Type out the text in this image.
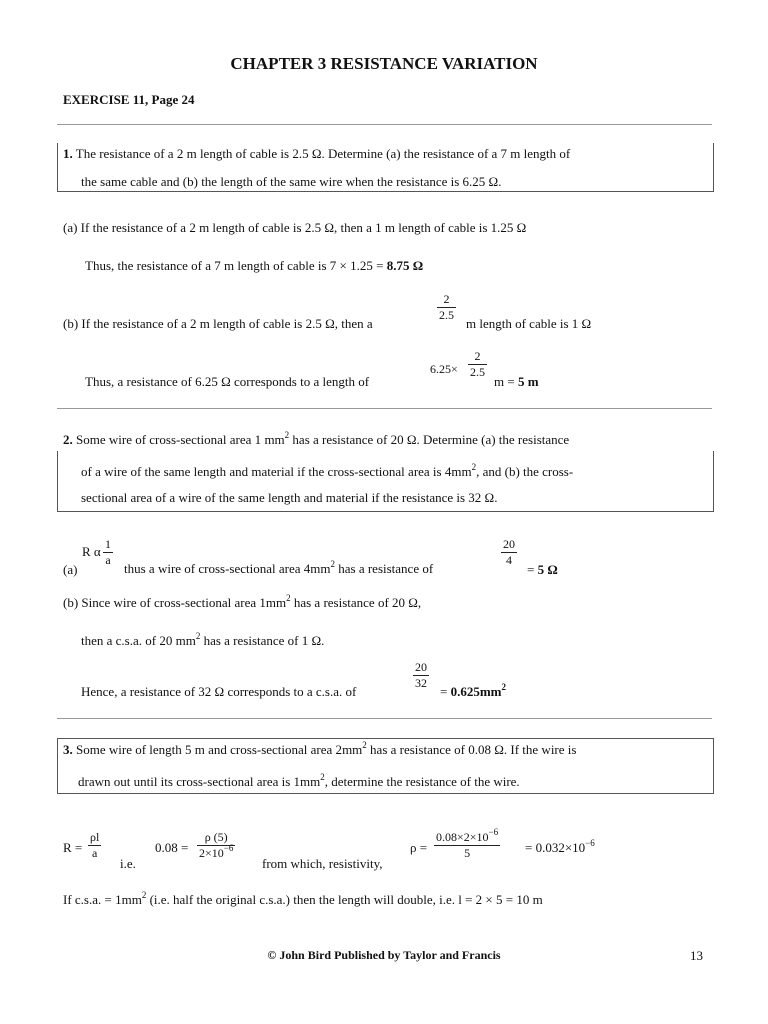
CHAPTER 3 RESISTANCE VARIATION
EXERCISE 11, Page 24
1. The resistance of a 2 m length of cable is 2.5 Ω. Determine (a) the resistance of a 7 m length of
the same cable and (b) the length of the same wire when the resistance is 6.25 Ω.
(a) If the resistance of a 2 m length of cable is 2.5 Ω, then a 1 m length of cable is 1.25 Ω
Thus, the resistance of a 7 m length of cable is 7 × 1.25 = 8.75 Ω
(b) If the resistance of a 2 m length of cable is 2.5 Ω, then a
$\frac{2}{2.5}$
m length of cable is 1 Ω
Thus, a resistance of 6.25 Ω corresponds to a length of
$6.25\times \frac{2}{2.5}$
m = 5 m
2. Some wire of cross-sectional area 1 $mm^2$ has a resistance of 20 Ω. Determine (a) the resistance
of a wire of the same length and material if the cross-sectional area is $4mm^2$, and (b) the cross-
sectional area of a wire of the same length and material if the resistance is 32 Ω.
R α $\frac{1}{a}$
(a)	thus a wire of cross-sectional area $4mm^2$ has a resistance of
$\frac{20}{4}$
= 5 Ω
(b) Since wire of cross-sectional area $1mm^2$ has a resistance of 20 Ω,
then a c.s.a. of 20 $mm^2$ has a resistance of 1 Ω.
Hence, a resistance of 32 Ω corresponds to a c.s.a. of
$\frac{20}{32}$
= $0.625mm^2$
3. Some wire of length 5 m and cross-sectional area $2mm^2$ has a resistance of 0.08 Ω. If the wire is
drawn out until its cross-sectional area is $1mm^2$, determine the resistance of the wire.
$R = \frac{\rho l}{a}$
i.e.
$0.08 = \frac{\rho (5)}{2\times 10^{-6}}$
from which, resistivity,
$\rho = \frac{0.08\times 2\times 10^{-6}}{5} = 0.032\times 10^{-6}$
If c.s.a. = $1mm^2$ (i.e. half the original c.s.a.) then the length will double, i.e. l = 2 × 5 = 10 m
© John Bird Published by Taylor and Francis	13
